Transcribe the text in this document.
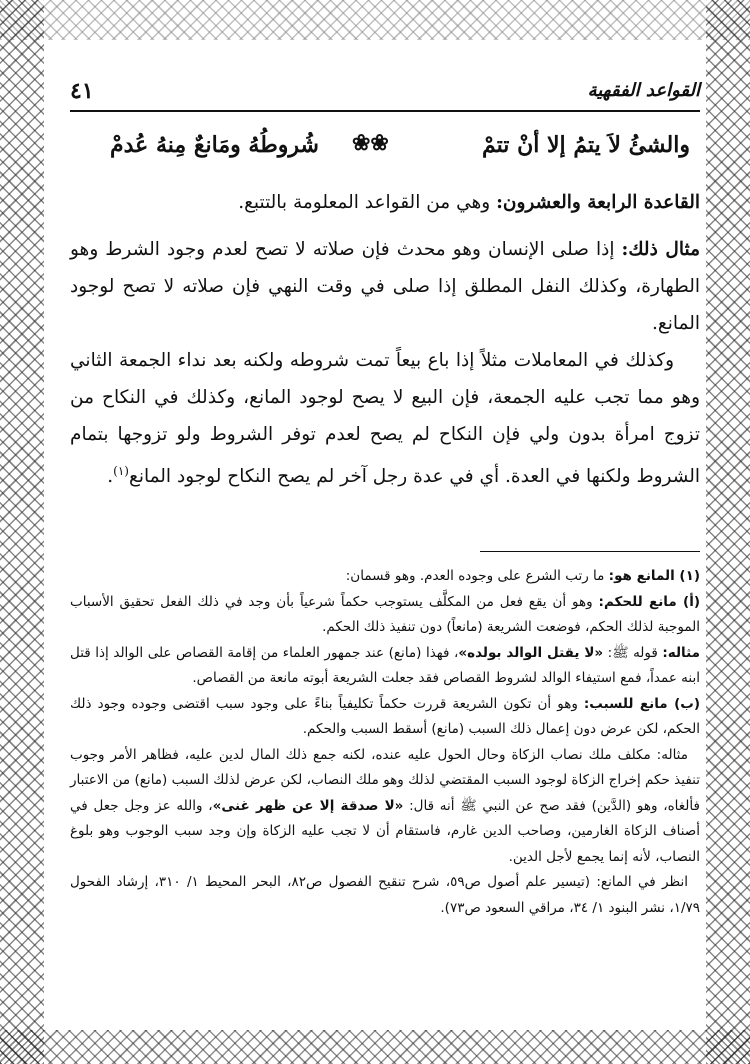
القواعد الفقهية
٤١
والشئُ لاَ يتمُ إلا أنْ تتمْ
❀❀
شُروطُهُ ومَانعٌ مِنهُ عُدمْ

القاعدة الرابعة والعشرون: وهي من القواعد المعلومة بالتتبع.

مثال ذلك: إذا صلى الإنسان وهو محدث فإن صلاته لا تصح لعدم وجود الشرط وهو الطهارة، وكذلك النفل المطلق إذا صلى في وقت النهي فإن صلاته لا تصح لوجود المانع.

وكذلك في المعاملات مثلاً إذا باع بيعاً تمت شروطه ولكنه بعد نداء الجمعة الثاني وهو مما تجب عليه الجمعة، فإن البيع لا يصح لوجود المانع، وكذلك في النكاح من تزوج امرأة بدون ولي فإن النكاح لم يصح لعدم توفر الشروط ولو تزوجها بتمام الشروط ولكنها في العدة. أي في عدة رجل آخر لم يصح النكاح لوجود المانع$^{(١)}$.

(١) المانع هو: ما رتب الشرع على وجوده العدم. وهو قسمان:

(أ) مانع للحكم: وهو أن يقع فعل من المكلَّف يستوجب حكماً شرعياً بأن وجد في ذلك الفعل تحقيق الأسباب الموجبة لذلك الحكم، فوضعت الشريعة (مانعاً) دون تنفيذ ذلك الحكم.

مثاله: قوله ﷺ: «لا يقتل الوالد بولده»، فهذا (مانع) عند جمهور العلماء من إقامة القصاص على الوالد إذا قتل ابنه عمداً، فمع استيفاء الوالد لشروط القصاص فقد جعلت الشريعة أبوته مانعة من القصاص.

(ب) مانع للسبب: وهو أن تكون الشريعة قررت حكماً تكليفياً بناءً على وجود سبب اقتضى وجوده وجود ذلك الحكم، لكن عرض دون إعمال ذلك السبب (مانع) أسقط السبب والحكم.

مثاله: مكلف ملك نصاب الزكاة وحال الحول عليه عنده، لكنه جمع ذلك المال لدين عليه، فظاهر الأمر وجوب تنفيذ حكم إخراج الزكاة لوجود السبب المقتضي لذلك وهو ملك النصاب، لكن عرض لذلك السبب (مانع) من الاعتبار فألغاه، وهو (الدَّين) فقد صح عن النبي ﷺ أنه قال: «لا صدقة إلا عن ظهر غنى»، والله عز وجل جعل في أصناف الزكاة الغارمين، وصاحب الدين غارم، فاستقام أن لا تجب عليه الزكاة وإن وجد سبب الوجوب وهو بلوغ النصاب، لأنه إنما يجمع لأجل الدين.

انظر في المانع: (تيسير علم أصول ص٥٩، شرح تنقيح الفصول ص٨٢، البحر المحيط ١/ ٣١٠، إرشاد الفحول ١/٧٩، نشر البنود ١/ ٣٤، مراقي السعود ص٧٣).
